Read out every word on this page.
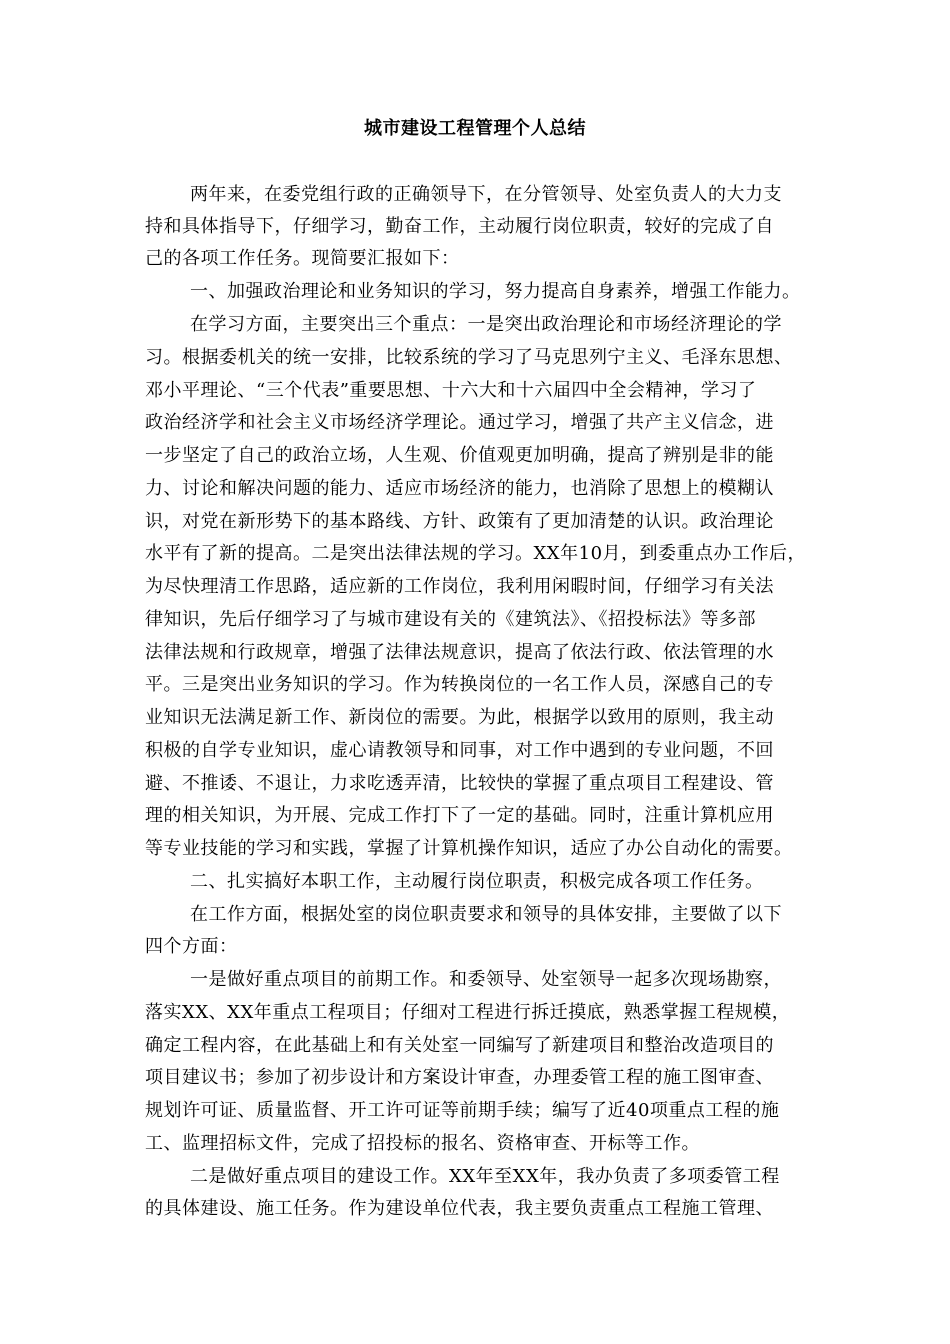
城市建设工程管理个人总结
两年来，在委党组行政的正确领导下，在分管领导、处室负责人的大力支
持和具体指导下，仔细学习，勤奋工作，主动履行岗位职责，较好的完成了自
己的各项工作任务。现简要汇报如下：
一、加强政治理论和业务知识的学习，努力提高自身素养，增强工作能力。
在学习方面，主要突出三个重点：一是突出政治理论和市场经济理论的学
习。根据委机关的统一安排，比较系统的学习了马克思列宁主义、毛泽东思想、
邓小平理论、“三个代表”重要思想、十六大和十六届四中全会精神，学习了
政治经济学和社会主义市场经济学理论。通过学习，增强了共产主义信念，进
一步坚定了自己的政治立场，人生观、价值观更加明确，提高了辨别是非的能
力、讨论和解决问题的能力、适应市场经济的能力，也消除了思想上的模糊认
识，对党在新形势下的基本路线、方针、政策有了更加清楚的认识。政治理论
水平有了新的提高。二是突出法律法规的学习。XX年10月，到委重点办工作后，
为尽快理清工作思路，适应新的工作岗位，我利用闲暇时间，仔细学习有关法
律知识，先后仔细学习了与城市建设有关的《建筑法》、《招投标法》等多部
法律法规和行政规章，增强了法律法规意识，提高了依法行政、依法管理的水
平。三是突出业务知识的学习。作为转换岗位的一名工作人员，深感自己的专
业知识无法满足新工作、新岗位的需要。为此，根据学以致用的原则，我主动
积极的自学专业知识，虚心请教领导和同事，对工作中遇到的专业问题，不回
避、不推诿、不退让，力求吃透弄清，比较快的掌握了重点项目工程建设、管
理的相关知识，为开展、完成工作打下了一定的基础。同时，注重计算机应用
等专业技能的学习和实践，掌握了计算机操作知识，适应了办公自动化的需要。
二、扎实搞好本职工作，主动履行岗位职责，积极完成各项工作任务。
在工作方面，根据处室的岗位职责要求和领导的具体安排，主要做了以下
四个方面：
一是做好重点项目的前期工作。和委领导、处室领导一起多次现场勘察，
落实XX、XX年重点工程项目；仔细对工程进行拆迁摸底，熟悉掌握工程规模，
确定工程内容，在此基础上和有关处室一同编写了新建项目和整治改造项目的
项目建议书；参加了初步设计和方案设计审查，办理委管工程的施工图审查、
规划许可证、质量监督、开工许可证等前期手续；编写了近40项重点工程的施
工、监理招标文件，完成了招投标的报名、资格审查、开标等工作。
二是做好重点项目的建设工作。XX年至XX年，我办负责了多项委管工程
的具体建设、施工任务。作为建设单位代表，我主要负责重点工程施工管理、
